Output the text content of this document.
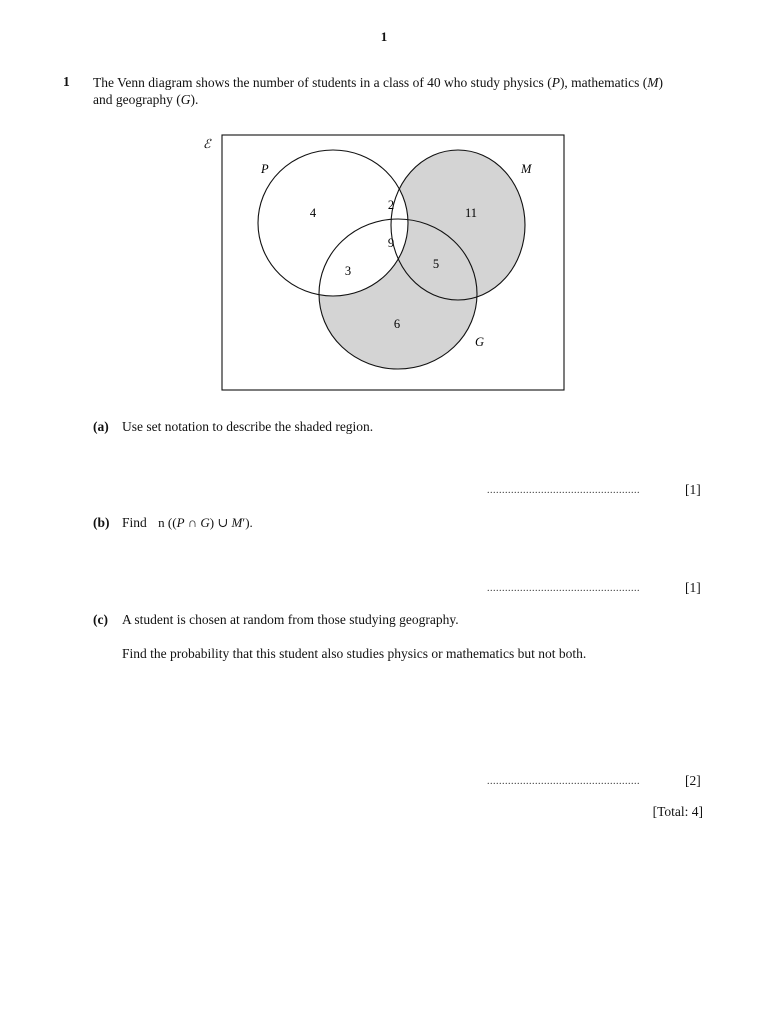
1
1 The Venn diagram shows the number of students in a class of 40 who study physics (P), mathematics (M)
and geography (G).
ℰ
P	M
G
4
2
11
9
3	5
6
(a) Use set notation to describe the shaded region.
...................................................	[1]
(b) Find n ((P ∩ G) ∪ M′).
...................................................	[1]
(c) A student is chosen at random from those studying geography.
Find the probability that this student also studies physics or mathematics but not both.
...................................................	[2]
[Total: 4]
